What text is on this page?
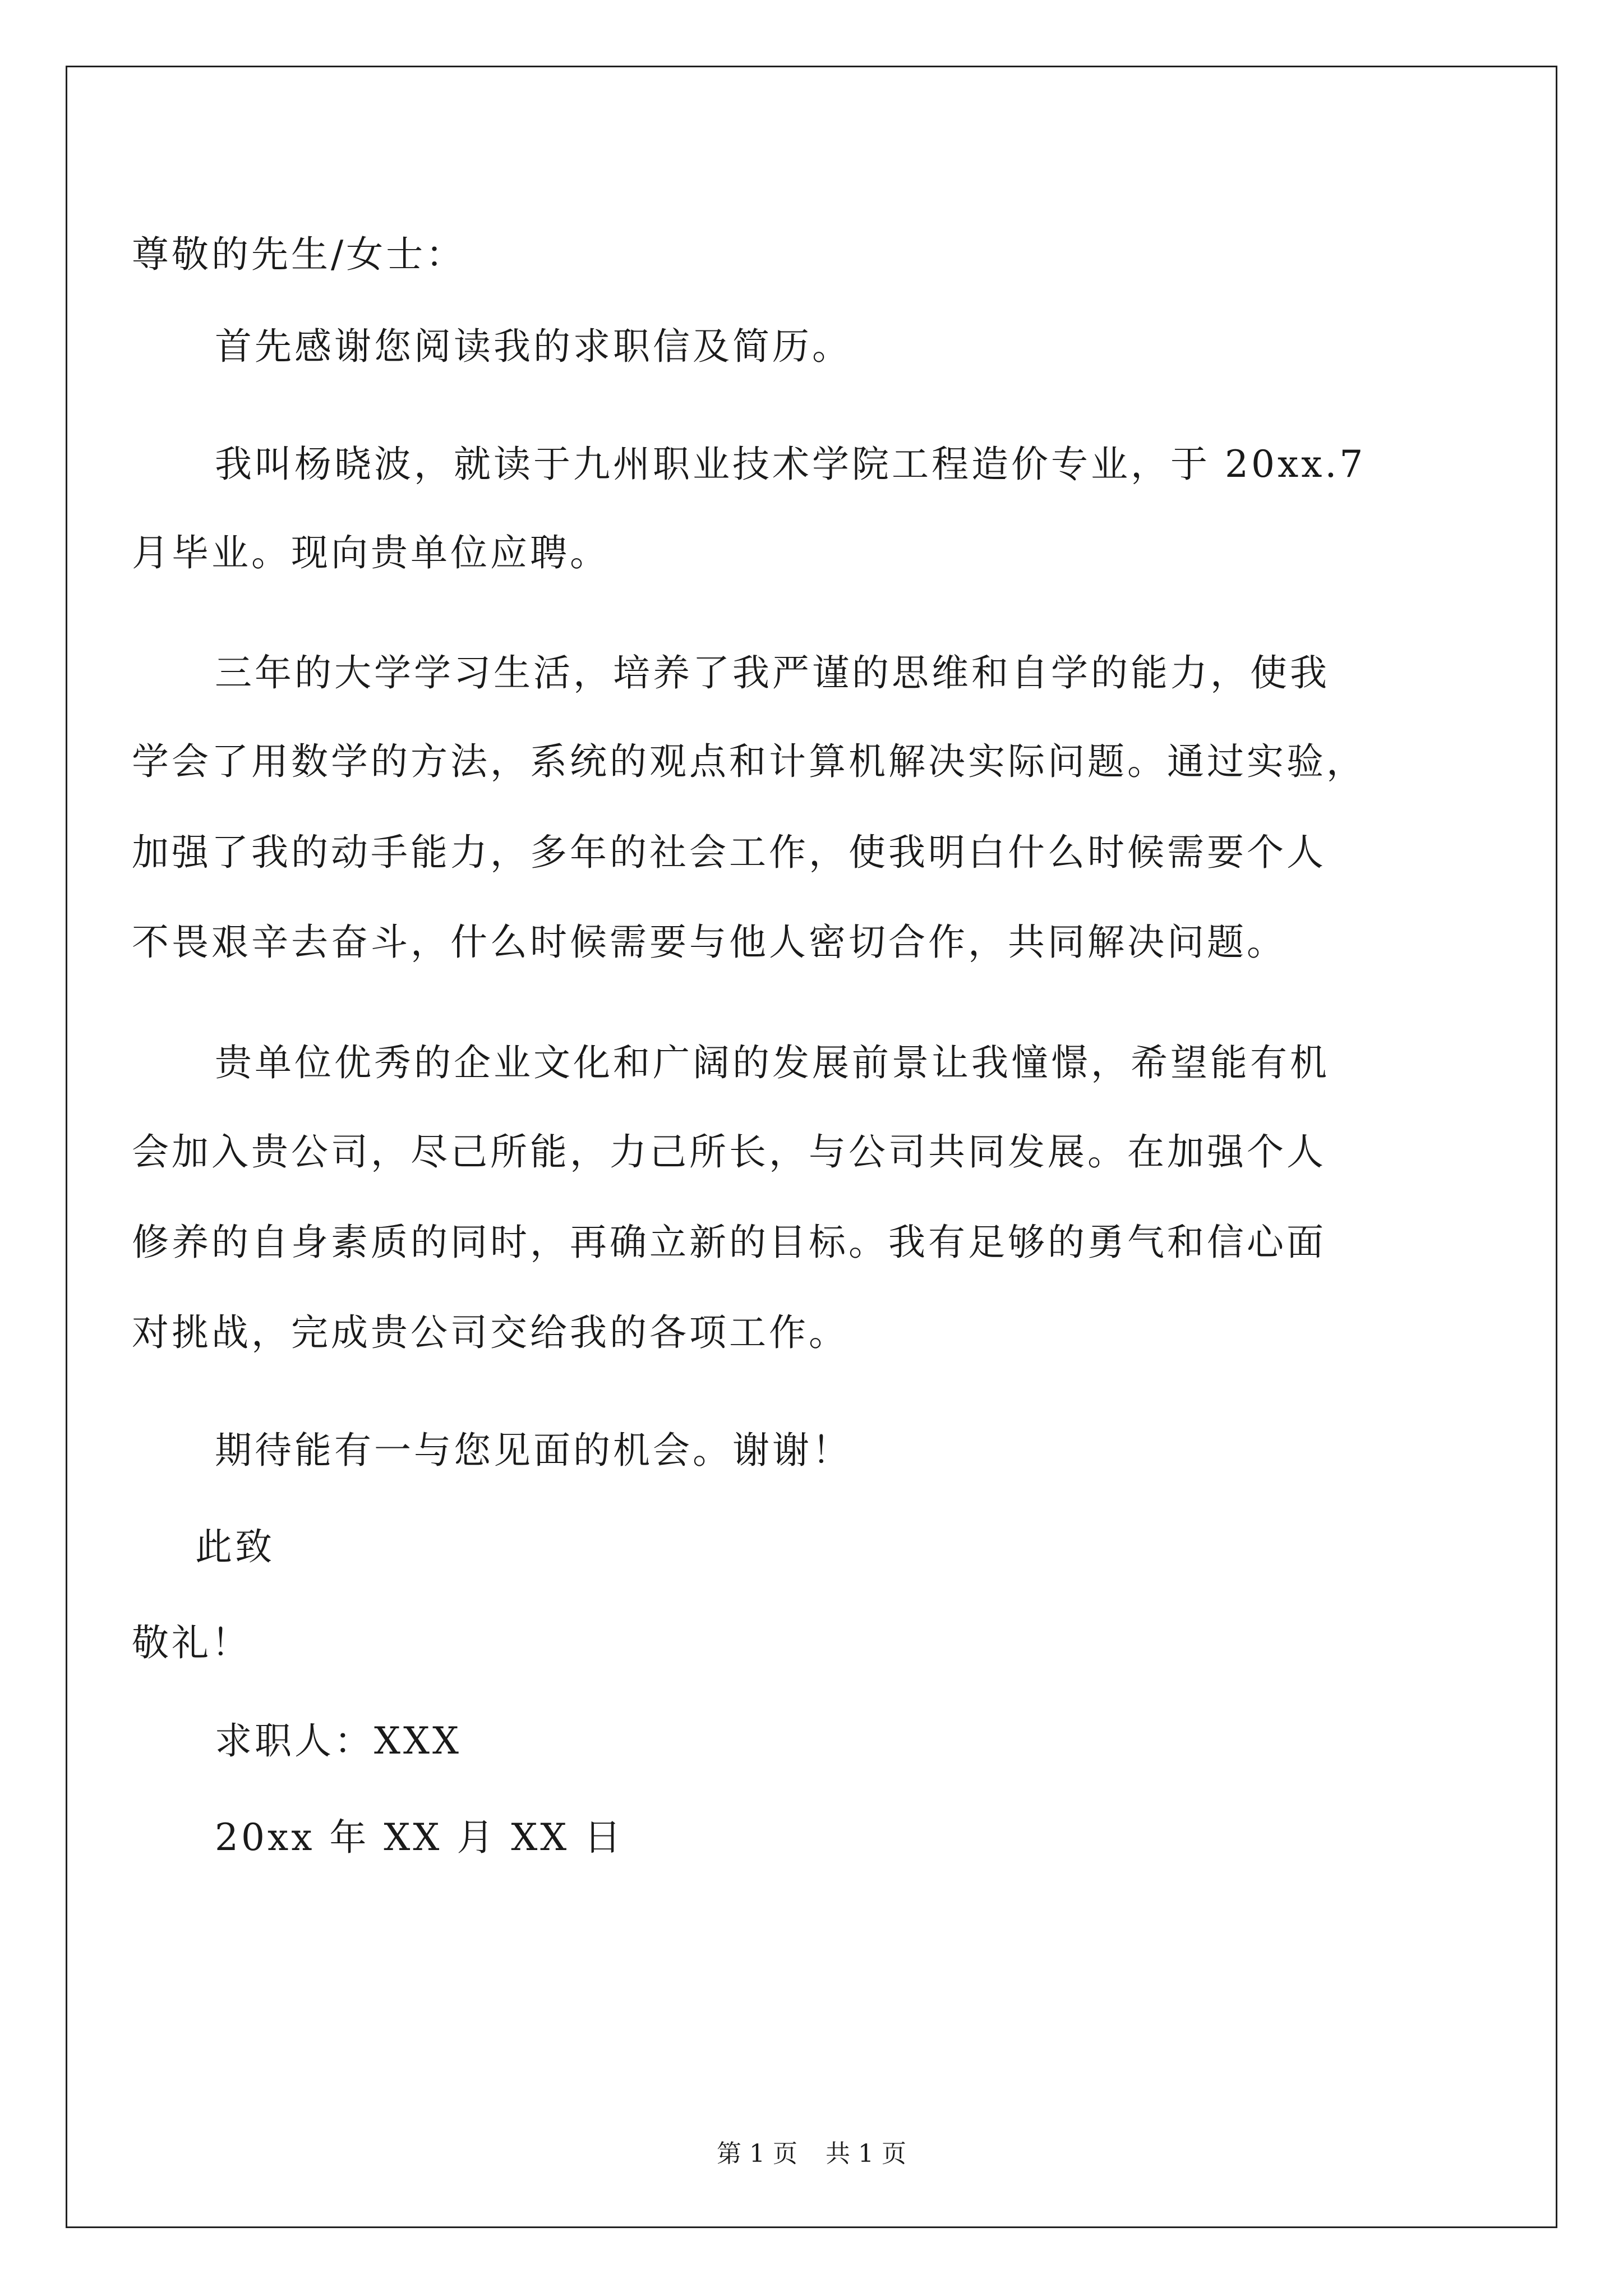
尊敬的先生/女士：
首先感谢您阅读我的求职信及简历。
我叫杨晓波，就读于九州职业技术学院工程造价专业，于 20xx.7
月毕业。现向贵单位应聘。
三年的大学学习生活，培养了我严谨的思维和自学的能力，使我
学会了用数学的方法，系统的观点和计算机解决实际问题。通过实验，
加强了我的动手能力，多年的社会工作，使我明白什么时候需要个人
不畏艰辛去奋斗，什么时候需要与他人密切合作，共同解决问题。
贵单位优秀的企业文化和广阔的发展前景让我憧憬，希望能有机
会加入贵公司，尽己所能，力己所长，与公司共同发展。在加强个人
修养的自身素质的同时，再确立新的目标。我有足够的勇气和信心面
对挑战，完成贵公司交给我的各项工作。
期待能有一与您见面的机会。谢谢！
此致
敬礼！
求职人：XXX
20xx 年 XX 月 XX 日
第 1 页 共 1 页
